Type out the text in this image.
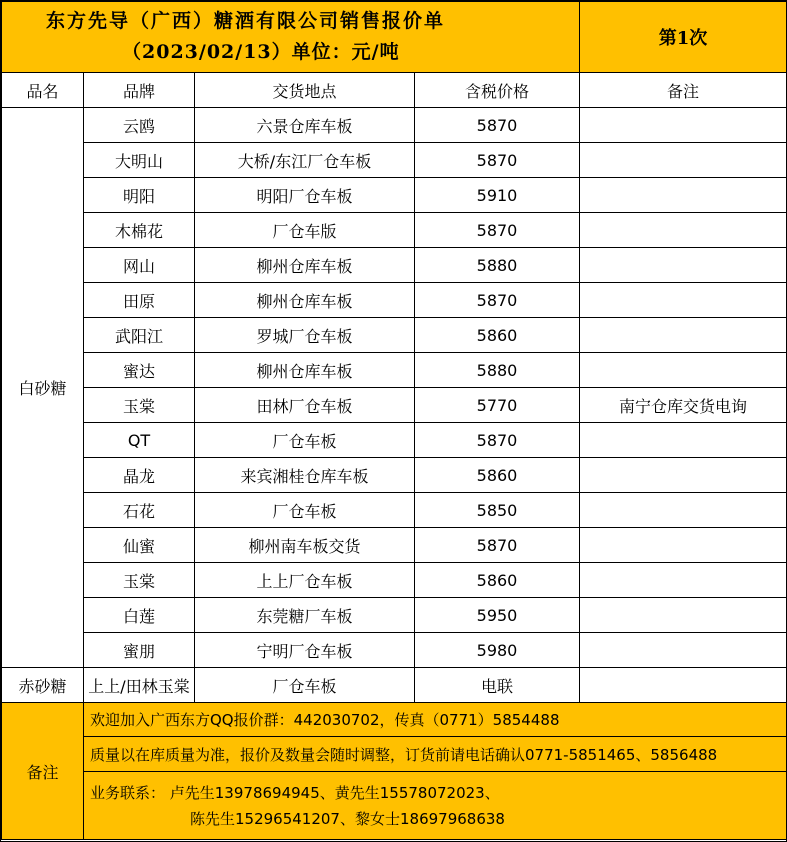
东方先导（广西）糖酒有限公司销售报价单
（2023/02/13）单位：元/吨				第1次
品名	品牌	交货地点	含税价格	备注
白砂糖	云鸥	六景仓库车板	5870	
	大明山	大桥/东江厂仓车板	5870	
	明阳	明阳厂仓车板	5910	
	木棉花	厂仓车版	5870	
	网山	柳州仓库车板	5880	
	田原	柳州仓库车板	5870	
	武阳江	罗城厂仓车板	5860	
	蜜达	柳州仓库车板	5880	
	玉棠	田林厂仓车板	5770	南宁仓库交货电询
	QT	厂仓车板	5870	
	晶龙	来宾湘桂仓库车板	5860	
	石花	厂仓车板	5850	
	仙蜜	柳州南车板交货	5870	
	玉棠	上上厂仓车板	5860	
	白莲	东莞糖厂车板	5950	
	蜜朋	宁明厂仓车板	5980	
赤砂糖	上上/田林玉棠	厂仓车板	电联	
备注	欢迎加入广西东方QQ报价群：442030702，传真（0771）5854488			
	质量以在库质量为准，报价及数量会随时调整，订货前请电话确认0771-5851465、5856488			

	业务联系： 卢先生13978694945、黄先生15578072023、
陈先生15296541207、黎女士18697968638			
